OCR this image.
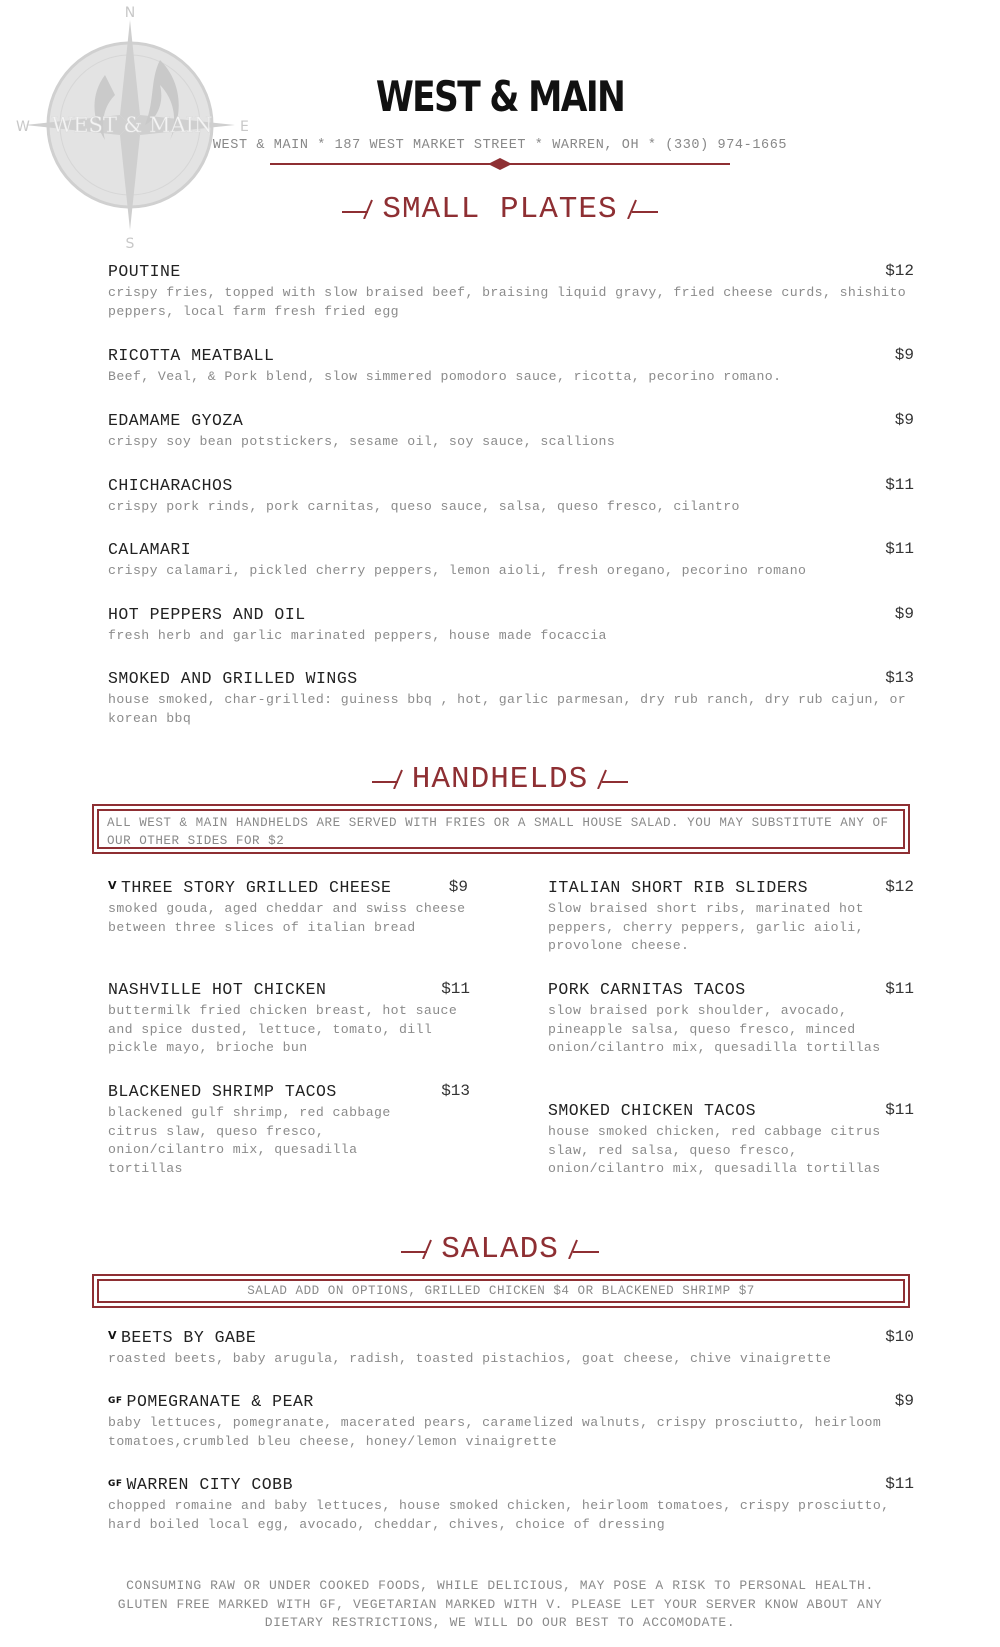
N
S
W	E
WEST & MAIN
WEST & MAIN
WEST & MAIN * 187 WEST MARKET STREET * WARREN, OH * (330) 974-1665
SMALL PLATES
POUTINE	$12
crispy fries, topped with slow braised beef, braising liquid gravy, fried cheese curds, shishito peppers, local farm fresh fried egg
RICOTTA MEATBALL	$9
Beef, Veal, & Pork blend, slow simmered pomodoro sauce, ricotta, pecorino romano.
EDAMAME GYOZA	$9
crispy soy bean potstickers, sesame oil, soy sauce, scallions
CHICHARACHOS	$11
crispy pork rinds, pork carnitas, queso sauce, salsa, queso fresco, cilantro
CALAMARI	$11
crispy calamari, pickled cherry peppers, lemon aioli, fresh oregano, pecorino romano
HOT PEPPERS AND OIL	$9
fresh herb and garlic marinated peppers, house made focaccia
SMOKED AND GRILLED WINGS	$13
house smoked, char-grilled: guiness bbq , hot, garlic parmesan, dry rub ranch, dry rub cajun, or korean bbq
HANDHELDS
ALL WEST & MAIN HANDHELDS ARE SERVED WITH FRIES OR A SMALL HOUSE SALAD. YOU MAY SUBSTITUTE ANY OF OUR OTHER SIDES FOR $2
V THREE STORY GRILLED CHEESE	$9
smoked gouda, aged cheddar and swiss cheese between three slices of italian bread
NASHVILLE HOT CHICKEN	$11
buttermilk fried chicken breast, hot sauce and spice dusted, lettuce, tomato, dill pickle mayo, brioche bun
BLACKENED SHRIMP TACOS	$13
blackened gulf shrimp, red cabbage citrus slaw, queso fresco, onion/cilantro mix, quesadilla tortillas
ITALIAN SHORT RIB SLIDERS	$12
Slow braised short ribs, marinated hot peppers, cherry peppers, garlic aioli, provolone cheese.
PORK CARNITAS TACOS	$11
slow braised pork shoulder, avocado, pineapple salsa, queso fresco, minced onion/cilantro mix, quesadilla tortillas
SMOKED CHICKEN TACOS	$11
house smoked chicken, red cabbage citrus slaw, red salsa, queso fresco, onion/cilantro mix, quesadilla tortillas
SALADS
SALAD ADD ON OPTIONS, GRILLED CHICKEN $4 OR BLACKENED SHRIMP $7
V BEETS BY GABE	$10
roasted beets, baby arugula, radish, toasted pistachios, goat cheese, chive vinaigrette
GF POMEGRANATE & PEAR	$9
baby lettuces, pomegranate, macerated pears, caramelized walnuts, crispy prosciutto, heirloom tomatoes,crumbled bleu cheese, honey/lemon vinaigrette
GF WARREN CITY COBB	$11
chopped romaine and baby lettuces, house smoked chicken, heirloom tomatoes, crispy prosciutto, hard boiled local egg, avocado, cheddar, chives, choice of dressing
CONSUMING RAW OR UNDER COOKED FOODS, WHILE DELICIOUS, MAY POSE A RISK TO PERSONAL HEALTH. GLUTEN FREE MARKED WITH GF, VEGETARIAN MARKED WITH V. PLEASE LET YOUR SERVER KNOW ABOUT ANY DIETARY RESTRICTIONS, WE WILL DO OUR BEST TO ACCOMODATE.
